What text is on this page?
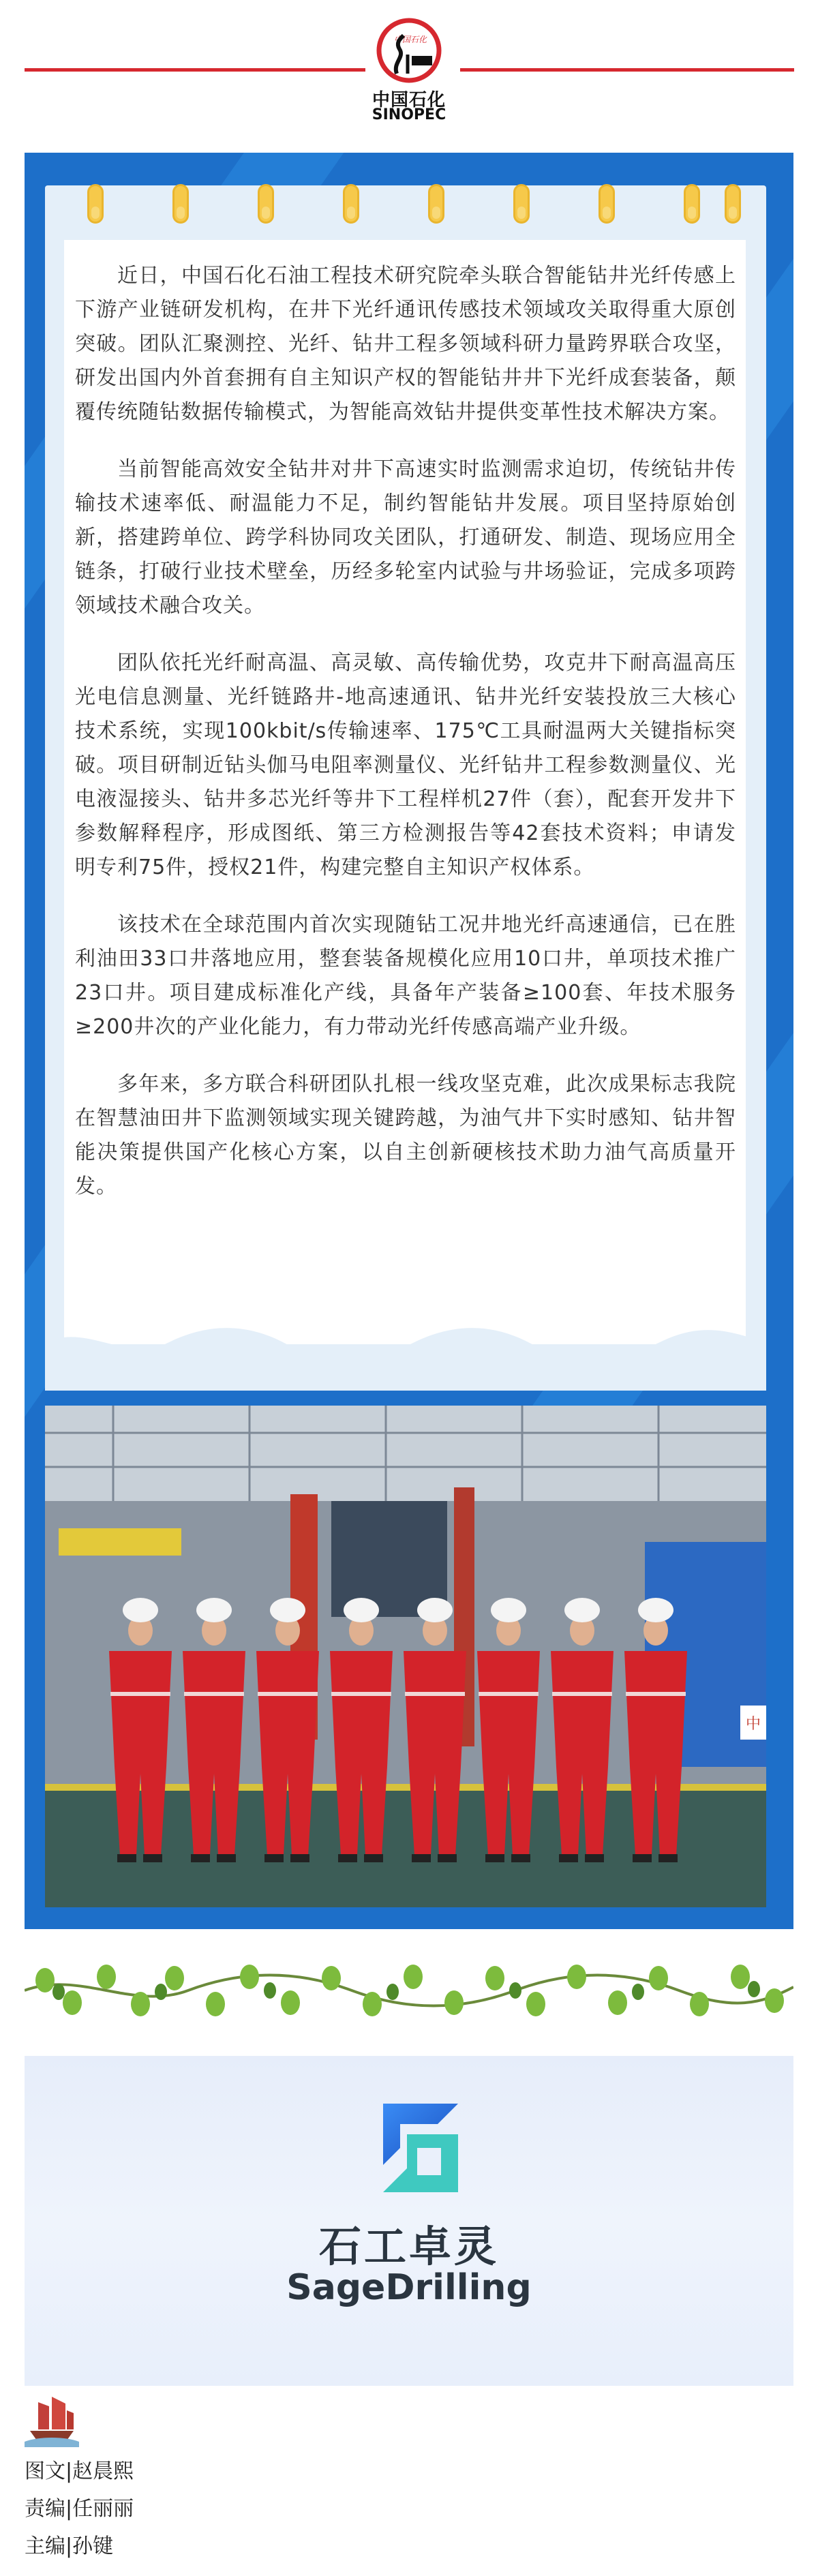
中国石化
中国石化
SINOPEC

近日，中国石化石油工程技术研究院牵头联合智能钻井光纤传感上下游产业链研发机构，在井下光纤通讯传感技术领域攻关取得重大原创突破。团队汇聚测控、光纤、钻井工程多领域科研力量跨界联合攻坚，研发出国内外首套拥有自主知识产权的智能钻井井下光纤成套装备，颠覆传统随钻数据传输模式，为智能高效钻井提供变革性技术解决方案。

当前智能高效安全钻井对井下高速实时监测需求迫切，传统钻井传输技术速率低、耐温能力不足，制约智能钻井发展。项目坚持原始创新，搭建跨单位、跨学科协同攻关团队，打通研发、制造、现场应用全链条，打破行业技术壁垒，历经多轮室内试验与井场验证，完成多项跨领域技术融合攻关。

团队依托光纤耐高温、高灵敏、高传输优势，攻克井下耐高温高压光电信息测量、光纤链路井-地高速通讯、钻井光纤安装投放三大核心技术系统，实现100kbit/s传输速率、175℃工具耐温两大关键指标突破。项目研制近钻头伽马电阻率测量仪、光纤钻井工程参数测量仪、光电液湿接头、钻井多芯光纤等井下工程样机27件（套），配套开发井下参数解释程序，形成图纸、第三方检测报告等42套技术资料；申请发明专利75件，授权21件，构建完整自主知识产权体系。

该技术在全球范围内首次实现随钻工况井地光纤高速通信，已在胜利油田33口井落地应用，整套装备规模化应用10口井，单项技术推广23口井。项目建成标准化产线，具备年产装备≥100套、年技术服务≥200井次的产业化能力，有力带动光纤传感高端产业升级。

多年来，多方联合科研团队扎根一线攻坚克难，此次成果标志我院在智慧油田井下监测领域实现关键跨越，为油气井下实时感知、钻井智能决策提供国产化核心方案，以自主创新硬核技术助力油气高质量开发。

中
石工卓灵
SageDrilling
图文|赵晨熙
责编|任丽丽
主编|孙键
